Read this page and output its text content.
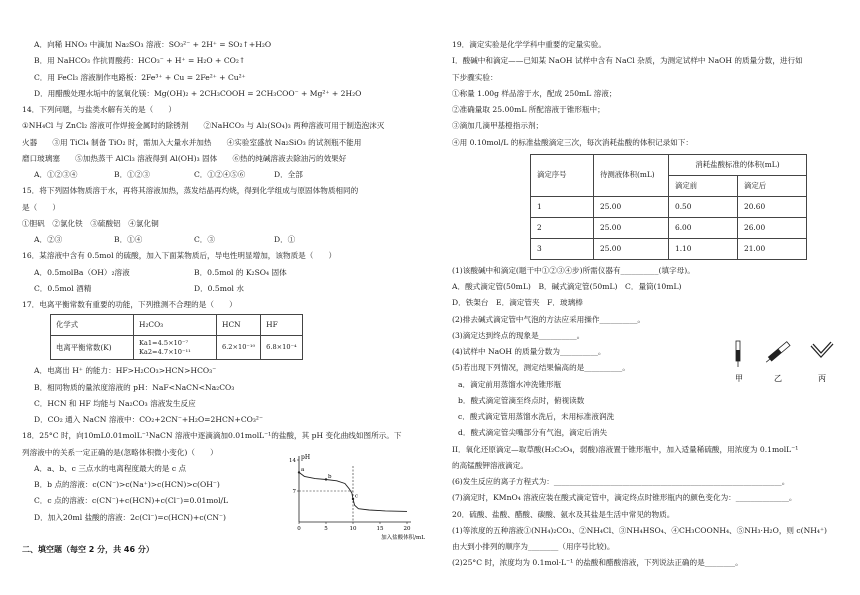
A．向稀 HNO₃ 中滴加 Na₂SO₃ 溶液：SO₃²⁻ + 2H⁺ = SO₂↑+H₂O
B．用 NaHCO₃ 作抗胃酸药：HCO₃⁻ + H⁺ = H₂O + CO₂↑
C．用 FeCl₃ 溶液制作电路板：2Fe³⁺ + Cu = 2Fe²⁺ + Cu²⁺
D．用醋酸处理水垢中的氢氧化镁：Mg(OH)₂ + 2CH₃COOH = 2CH₃COO⁻ + Mg²⁺ + 2H₂O
14．下列问题，与盐类水解有关的是（　　）
①NH₄Cl 与 ZnCl₂ 溶液可作焊接金属时的除锈剂　　②NaHCO₃ 与 Al₂(SO₄)₃ 两种溶液可用于制造泡沫灭
火器　　③用 TiCl₄ 制备 TiO₂ 时，需加入大量水并加热　　④实验室盛放 Na₂SiO₃ 的试剂瓶不能用
磨口玻璃塞　　⑤加热蒸干 AlCl₃ 溶液得到 Al(OH)₃ 固体　　⑥热的纯碱溶液去除油污的效果好
A．①②③④	B．①②③	C．①②④⑤⑥	D．全部
15．将下列固体物质溶于水，再将其溶液加热，蒸发结晶再灼烧，得到化学组成与原固体物质相同的
是（　　）
①胆矾　②氯化铁　③硫酸铝　④氯化铜
A．②③	B．①④	C．③	D．①
16．某溶液中含有 0.5mol 的硫酸，加入下面某物质后，导电性明显增加，该物质是（　　）
A．0.5molBa（OH）₂溶液	B．0.5mol 的 K₂SO₄ 固体
C．0.5mol 酒精	D．0.5mol 水
17．电离平衡常数有重要的功能，下列推测不合理的是（　　）
化学式	H₂CO₃	HCN	HF
电离平衡常数(K)	Ka1=4.5×10⁻⁷
Ka2=4.7×10⁻¹¹	6.2×10⁻¹⁰	6.8×10⁻⁴
A．电离出 H⁺ 的能力：HF>H₂CO₃>HCN>HCO₃⁻
B．相同物质的量浓度溶液的 pH：NaF<NaCN<Na₂CO₃
C．HCN 和 HF 均能与 Na₂CO₃ 溶液发生反应
D．CO₂ 通入 NaCN 溶液中：CO₂+2CN⁻+H₂O=2HCN+CO₃²⁻
18．25°C 时，向10mL0.01molL⁻¹NaCN 溶液中逐滴滴加0.01molL⁻¹的盐酸，其 pH 变化曲线如图所示。下
列溶液中的关系一定正确的是(忽略体积微小变化)（　　）
A．a、b、c 三点水的电离程度最大的是 c 点
B．b 点的溶液：c(CN⁻)>c(Na⁺)>c(HCN)>c(OH⁻)
C．c 点的溶液：c(CN⁻)+c(HCN)+c(Cl⁻)=0.01mol/L
D．加入20ml 盐酸的溶液：2c(Cl⁻)=c(HCN)+c(CN⁻)
pH
7
14
0	5	10	15	20
加入盐酸体积/mL
a
b
c
二、填空题（每空 2 分，共 46 分）
19．滴定实验是化学学科中重要的定量实验。
I．酸碱中和滴定——已知某 NaOH 试样中含有 NaCl 杂质，为测定试样中 NaOH 的质量分数，进行如
下步骤实验：
①称量 1.00g 样品溶于水，配成 250mL 溶液；
②准确量取 25.00mL 所配溶液于锥形瓶中；
③滴加几滴甲基橙指示剂；
④用 0.10mol/L 的标准盐酸滴定三次，每次消耗盐酸的体积记录如下：
滴定序号	待测液体积(mL)	消耗盐酸标准的体积(mL)	
		滴定前	滴定后
1	25.00	0.50	20.60
2	25.00	6.00	26.00
3	25.00	1.10	21.00
(1)该酸碱中和滴定(题干中①②③④步)所需仪器有__________(填字母)。
A．酸式滴定管(50mL)　B．碱式滴定管(50mL)　C．量筒(10mL)
D．铁架台　E．滴定管夹　F．玻璃棒
(2)排去碱式滴定管中气泡的方法应采用操作__________。
(3)滴定达到终点的现象是__________。
(4)试样中 NaOH 的质量分数为__________。
(5)若出现下列情况，测定结果偏高的是__________。
a．滴定前用蒸馏水冲洗锥形瓶
b．酸式滴定管滴至终点时，俯视读数
c．酸式滴定管用蒸馏水洗后，未用标准液润洗
d．酸式滴定管尖嘴部分有气泡，滴定后消失
II．氧化还原滴定—取草酸(H₂C₂O₄，弱酸)溶液置于锥形瓶中，加入适量稀硫酸，用浓度为 0.1molL⁻¹
的高锰酸钾溶液滴定。
(6)发生反应的离子方程式为：____________________________________________________________。
(7)滴定时，KMnO₄ 溶液应装在酸式滴定管中，滴定终点时锥形瓶内的颜色变化为：______________。
20．硫酸、盐酸、醋酸、碳酸、氨水及其盐是生活中常见的物质。
(1)等浓度的五种溶液①(NH₄)₂CO₃、②NH₄Cl、③NH₄HSO₄、④CH₃COONH₄、⑤NH₃·H₂O，则 c(NH₄⁺)
由大到小排列的顺序为________（用序号比较)。
(2)25°C 时，浓度均为 0.1mol·L⁻¹ 的盐酸和醋酸溶液，下列说法正确的是________。
甲	乙	丙
